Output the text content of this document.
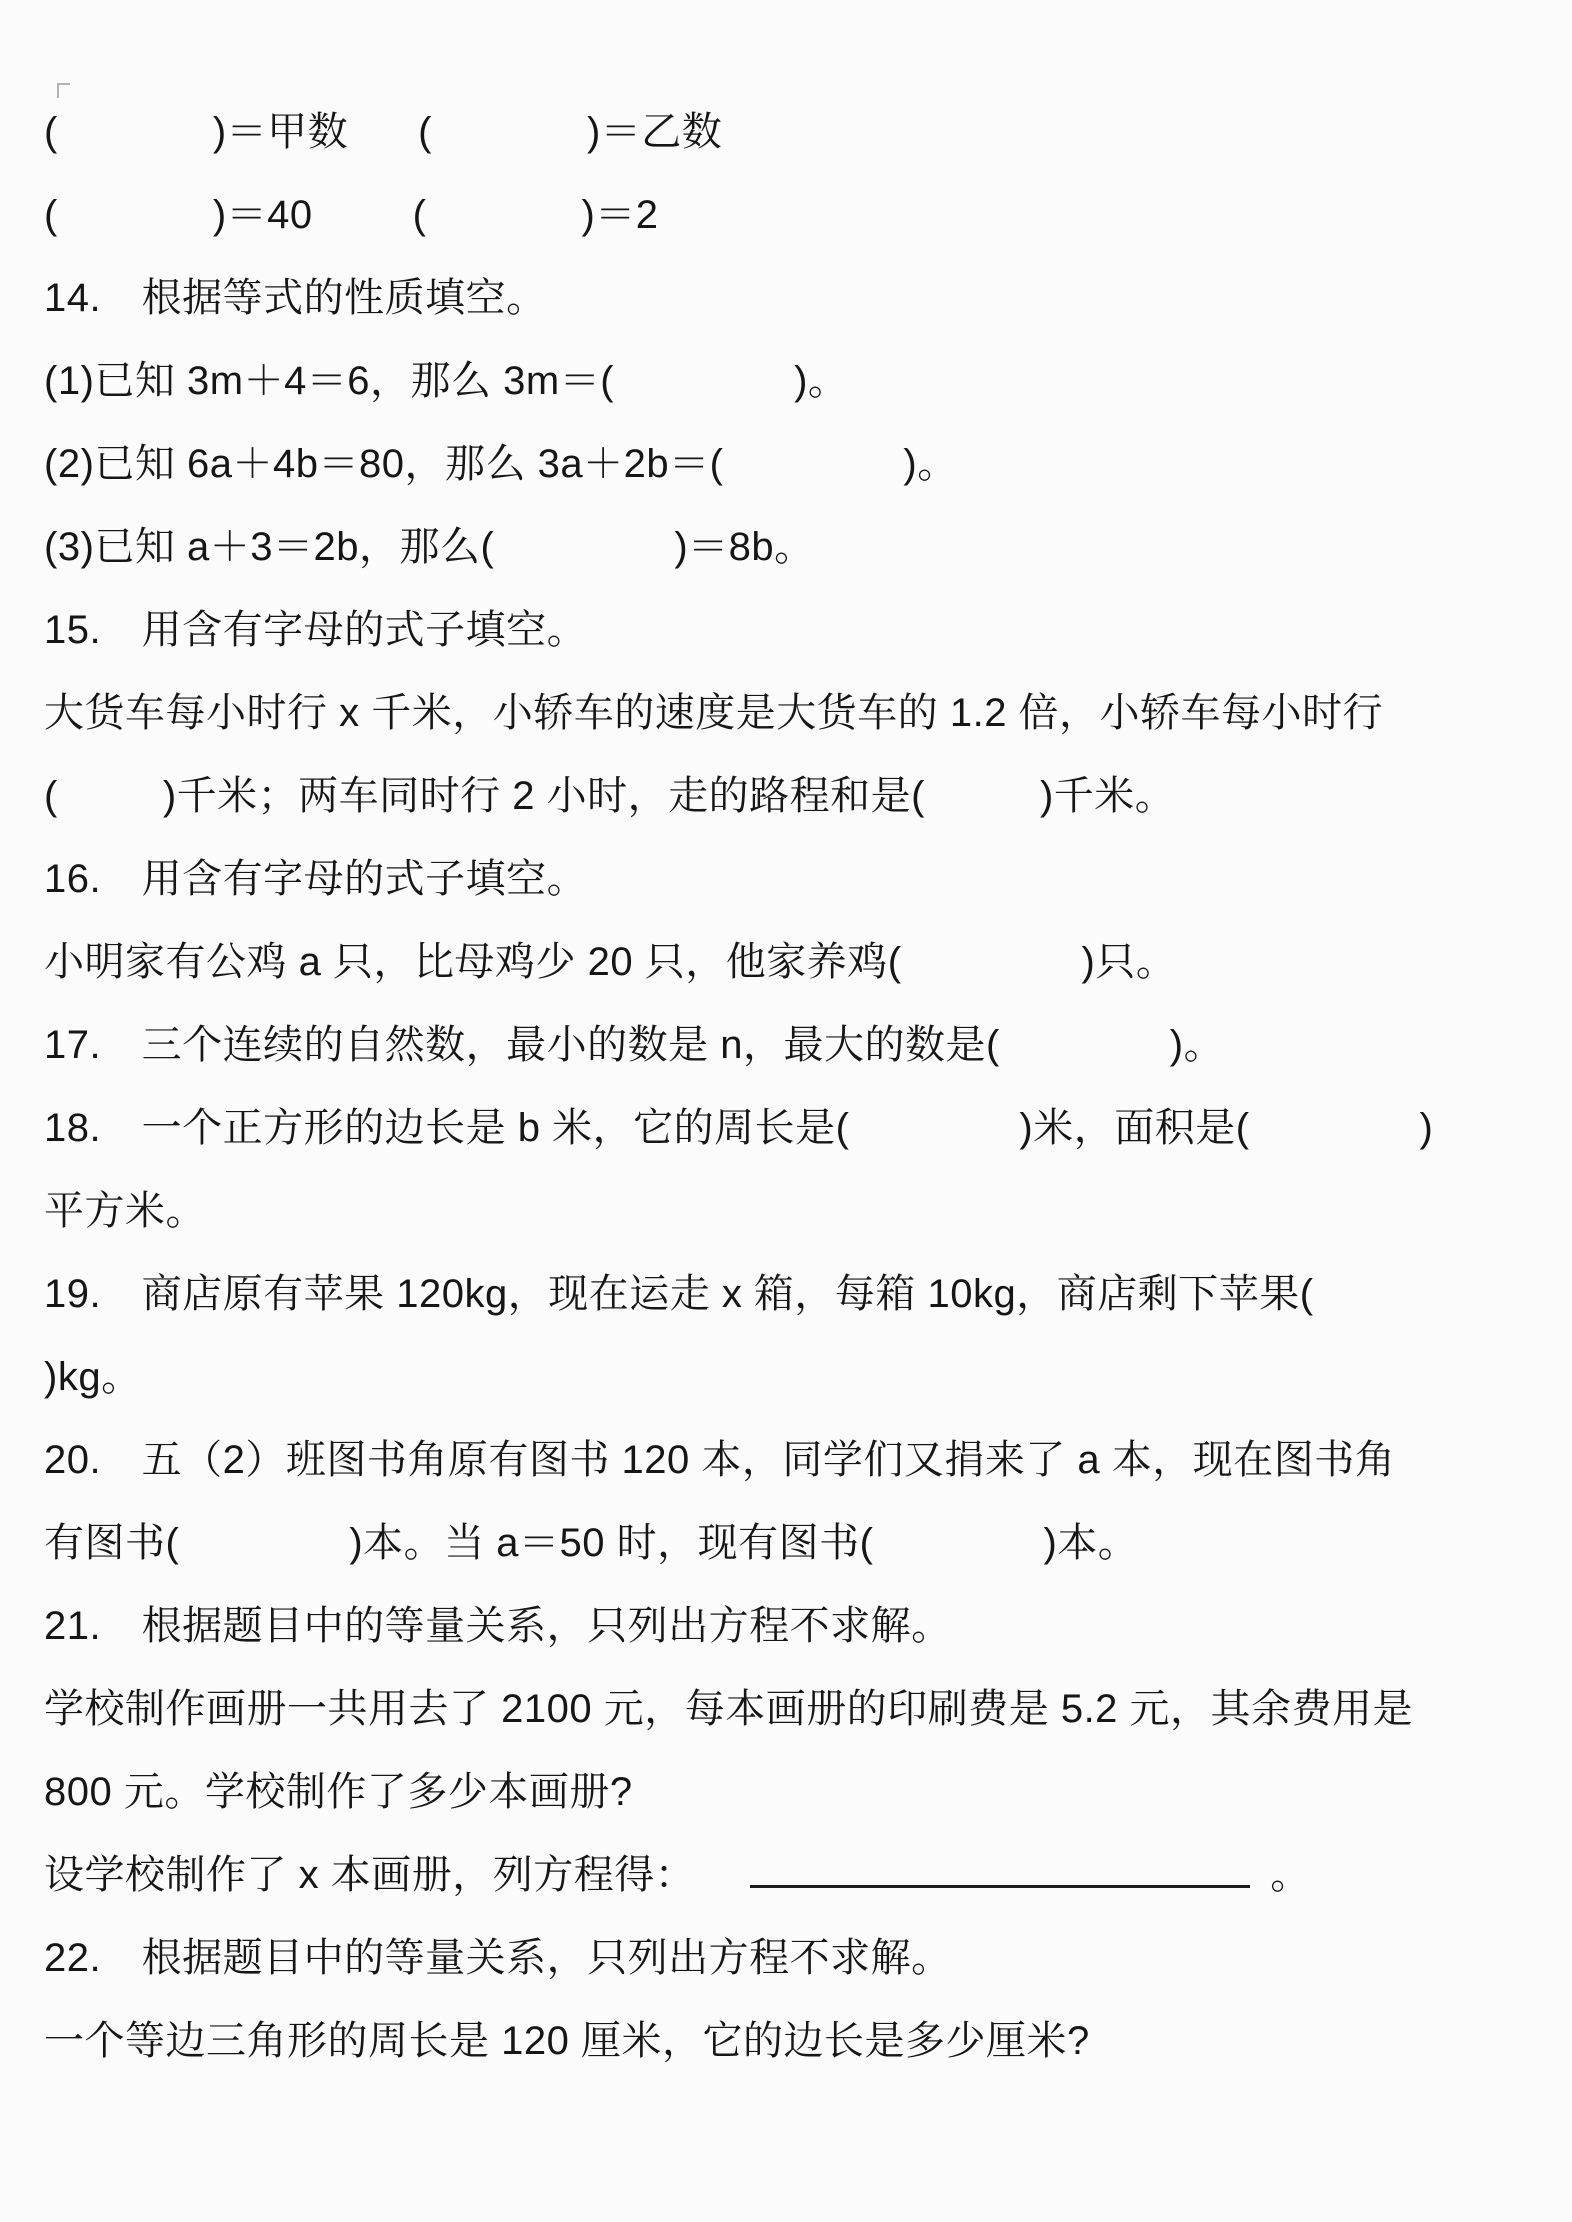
(	)＝甲数 (	)＝乙数
(	)＝40	(	)＝2
14.　根据等式的性质填空。
(1)已知 3m＋4＝6，那么 3m＝(	)。
(2)已知 6a＋4b＝80，那么 3a＋2b＝(	)。
(3)已知 a＋3＝2b，那么(	)＝8b。
15.　用含有字母的式子填空。
大货车每小时行 x 千米，小轿车的速度是大货车的 1.2 倍，小轿车每小时行
(	)千米；两车同时行 2 小时，走的路程和是(	)千米。
16.　用含有字母的式子填空。
小明家有公鸡 a 只，比母鸡少 20 只，他家养鸡(	)只。
17.　三个连续的自然数，最小的数是 n，最大的数是(	)。
18.　一个正方形的边长是 b 米，它的周长是(	)米，面积是(	)
平方米。
19.　商店原有苹果 120kg，现在运走 x 箱，每箱 10kg，商店剩下苹果(
)kg。
20.　五（2）班图书角原有图书 120 本，同学们又捐来了 a 本，现在图书角
有图书(	)本。当 a＝50 时，现有图书(	)本。
21.　根据题目中的等量关系，只列出方程不求解。
学校制作画册一共用去了 2100 元，每本画册的印刷费是 5.2 元，其余费用是
800 元。学校制作了多少本画册?
设学校制作了 x 本画册，列方程得：	。
22.　根据题目中的等量关系，只列出方程不求解。
一个等边三角形的周长是 120 厘米，它的边长是多少厘米?
